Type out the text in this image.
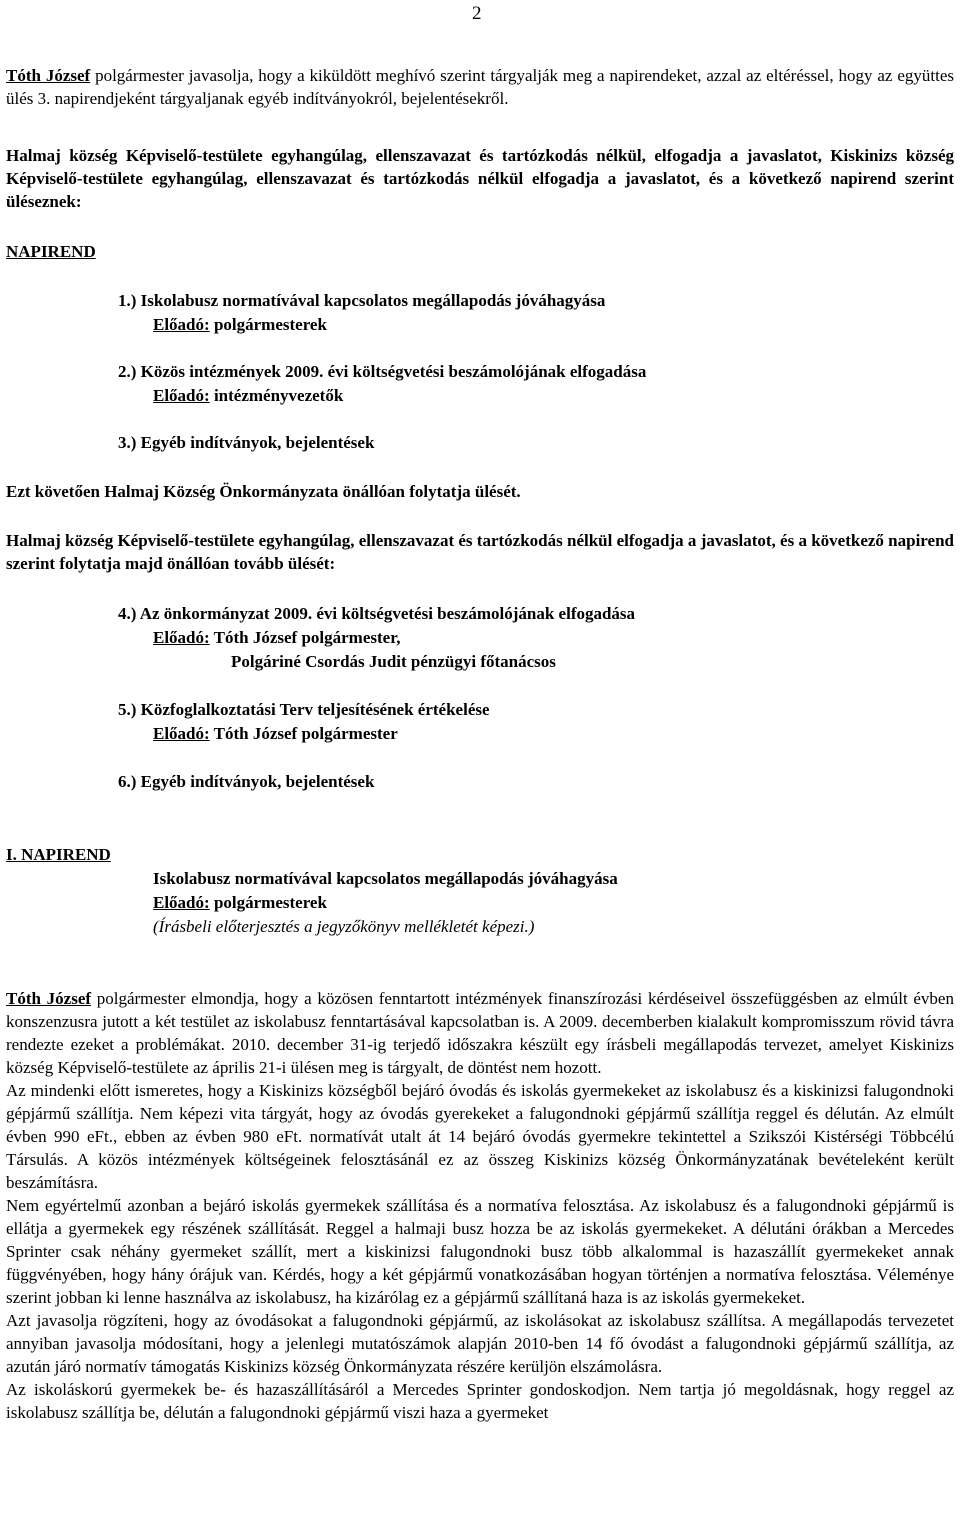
2

Tóth József polgármester javasolja, hogy a kiküldött meghívó szerint tárgyalják meg a napirendeket, azzal az eltéréssel, hogy az együttes ülés 3. napirendjeként tárgyaljanak egyéb indítványokról, bejelentésekről.

Halmaj község Képviselő-testülete egyhangúlag, ellenszavazat és tartózkodás nélkül, elfogadja a javaslatot, Kiskinizs község Képviselő-testülete egyhangúlag, ellenszavazat és tartózkodás nélkül elfogadja a javaslatot, és a következő napirend szerint üléseznek:

NAPIREND
1.) Iskolabusz normatívával kapcsolatos megállapodás jóváhagyása
Előadó: polgármesterek
2.) Közös intézmények 2009. évi költségvetési beszámolójának elfogadása
Előadó: intézményvezetők
3.) Egyéb indítványok, bejelentések
Ezt követően Halmaj Község Önkormányzata önállóan folytatja ülését.

Halmaj község Képviselő-testülete egyhangúlag, ellenszavazat és tartózkodás nélkül elfogadja a javaslatot, és a következő napirend szerint folytatja majd önállóan tovább ülését:

4.) Az önkormányzat 2009. évi költségvetési beszámolójának elfogadása
Előadó: Tóth József polgármester,
Polgáriné Csordás Judit pénzügyi főtanácsos
5.) Közfoglalkoztatási Terv teljesítésének értékelése
Előadó: Tóth József polgármester
6.) Egyéb indítványok, bejelentések
I. NAPIREND
Iskolabusz normatívával kapcsolatos megállapodás jóváhagyása
Előadó: polgármesterek
(Írásbeli előterjesztés a jegyzőkönyv mellékletét képezi.)

Tóth József polgármester elmondja, hogy a közösen fenntartott intézmények finanszírozási kérdéseivel összefüggésben az elmúlt évben konszenzusra jutott a két testület az iskolabusz fenntartásával kapcsolatban is. A 2009. decemberben kialakult kompromisszum rövid távra rendezte ezeket a problémákat. 2010. december 31-ig terjedő időszakra készült egy írásbeli megállapodás tervezet, amelyet Kiskinizs község Képviselő-testülete az április 21-i ülésen meg is tárgyalt, de döntést nem hozott.

Az mindenki előtt ismeretes, hogy a Kiskinizs községből bejáró óvodás és iskolás gyermekeket az iskolabusz és a kiskinizsi falugondnoki gépjármű szállítja. Nem képezi vita tárgyát, hogy az óvodás gyerekeket a falugondnoki gépjármű szállítja reggel és délután. Az elmúlt évben 990 eFt., ebben az évben 980 eFt. normatívát utalt át 14 bejáró óvodás gyermekre tekintettel a Szikszói Kistérségi Többcélú Társulás. A közös intézmények költségeinek felosztásánál ez az összeg Kiskinizs község Önkormányzatának bevételeként került beszámításra.

Nem egyértelmű azonban a bejáró iskolás gyermekek szállítása és a normatíva felosztása. Az iskolabusz és a falugondnoki gépjármű is ellátja a gyermekek egy részének szállítását. Reggel a halmaji busz hozza be az iskolás gyermekeket. A délutáni órákban a Mercedes Sprinter csak néhány gyermeket szállít, mert a kiskinizsi falugondnoki busz több alkalommal is hazaszállít gyermekeket annak függvényében, hogy hány órájuk van. Kérdés, hogy a két gépjármű vonatkozásában hogyan történjen a normatíva felosztása. Véleménye szerint jobban ki lenne használva az iskolabusz, ha kizárólag ez a gépjármű szállítaná haza is az iskolás gyermekeket.

Azt javasolja rögzíteni, hogy az óvodásokat a falugondnoki gépjármű, az iskolásokat az iskolabusz szállítsa. A megállapodás tervezetet annyiban javasolja módosítani, hogy a jelenlegi mutatószámok alapján 2010-ben 14 fő óvodást a falugondnoki gépjármű szállítja, az azután járó normatív támogatás Kiskinizs község Önkormányzata részére kerüljön elszámolásra.

Az iskoláskorú gyermekek be- és hazaszállításáról a Mercedes Sprinter gondoskodjon. Nem tartja jó megoldásnak, hogy reggel az iskolabusz szállítja be, délután a falugondnoki gépjármű viszi haza a gyermeket
